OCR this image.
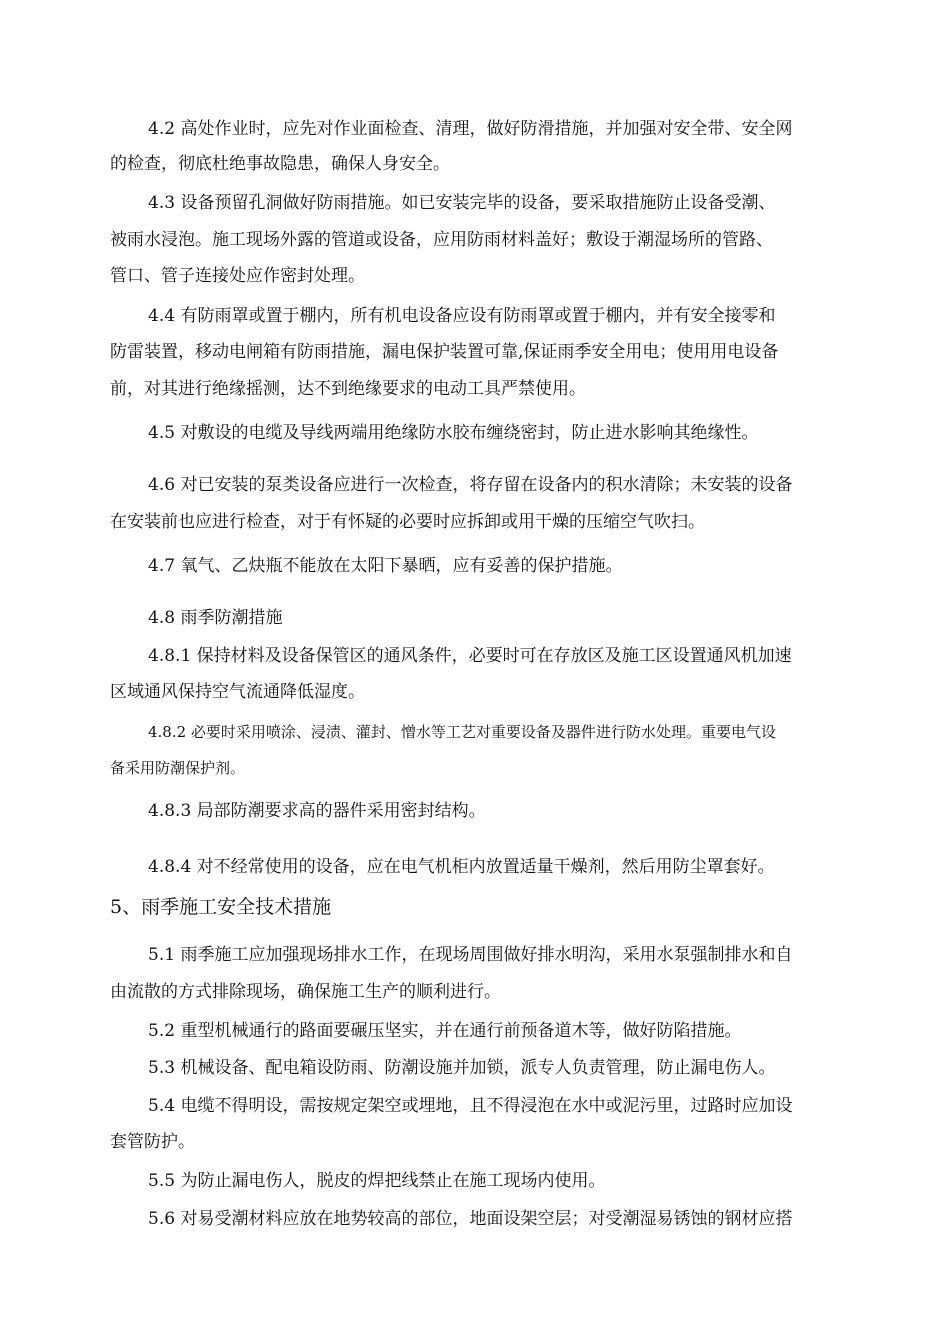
4.2 高处作业时，应先对作业面检查、清理，做好防滑措施，并加强对安全带、安全网
的检查，彻底杜绝事故隐患，确保人身安全。
4.3 设备预留孔洞做好防雨措施。如已安装完毕的设备，要采取措施防止设备受潮、
被雨水浸泡。施工现场外露的管道或设备，应用防雨材料盖好；敷设于潮湿场所的管路、
管口、管子连接处应作密封处理。
4.4 有防雨罩或置于棚内，所有机电设备应设有防雨罩或置于棚内，并有安全接零和
防雷装置，移动电闸箱有防雨措施，漏电保护装置可靠,保证雨季安全用电；使用用电设备
前，对其进行绝缘摇测，达不到绝缘要求的电动工具严禁使用。
4.5 对敷设的电缆及导线两端用绝缘防水胶布缠绕密封，防止进水影响其绝缘性。
4.6 对已安装的泵类设备应进行一次检查，将存留在设备内的积水清除；未安装的设备
在安装前也应进行检查，对于有怀疑的必要时应拆卸或用干燥的压缩空气吹扫。
4.7 氧气、乙炔瓶不能放在太阳下暴晒，应有妥善的保护措施。
4.8 雨季防潮措施
4.8.1 保持材料及设备保管区的通风条件，必要时可在存放区及施工区设置通风机加速
区域通风保持空气流通降低湿度。
4.8.2 必要时采用喷涂、浸渍、灌封、憎水等工艺对重要设备及器件进行防水处理。重要电气设
备采用防潮保护剂。
4.8.3 局部防潮要求高的器件采用密封结构。
4.8.4 对不经常使用的设备，应在电气机柜内放置适量干燥剂，然后用防尘罩套好。
5、雨季施工安全技术措施
5.1 雨季施工应加强现场排水工作，在现场周围做好排水明沟，采用水泵强制排水和自
由流散的方式排除现场，确保施工生产的顺利进行。
5.2 重型机械通行的路面要碾压坚实，并在通行前预备道木等，做好防陷措施。
5.3 机械设备、配电箱设防雨、防潮设施并加锁，派专人负责管理，防止漏电伤人。
5.4 电缆不得明设，需按规定架空或埋地，且不得浸泡在水中或泥污里，过路时应加设
套管防护。
5.5 为防止漏电伤人，脱皮的焊把线禁止在施工现场内使用。
5.6 对易受潮材料应放在地势较高的部位，地面设架空层；对受潮湿易锈蚀的钢材应搭
